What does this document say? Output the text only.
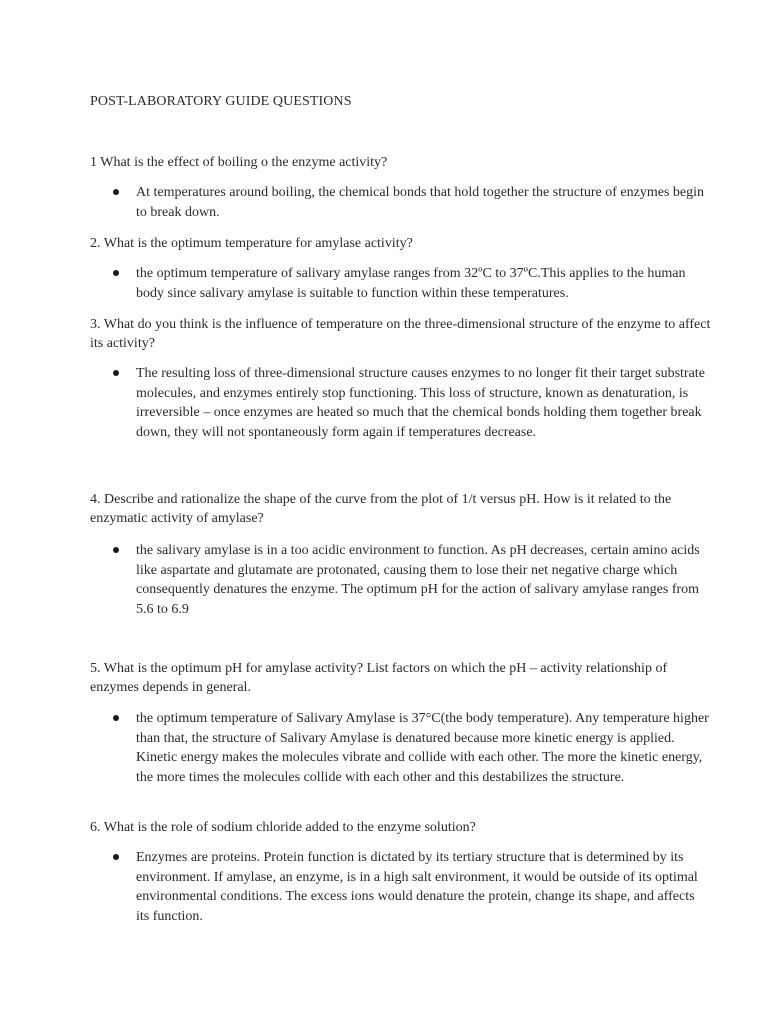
POST-LABORATORY GUIDE QUESTIONS
1 What is the effect of boiling o the enzyme activity?
At temperatures around boiling, the chemical bonds that hold together the structure of enzymes begin to break down.
2. What is the optimum temperature for amylase activity?
the optimum temperature of salivary amylase ranges from 32ºC to 37ºC.This applies to the human body since salivary amylase is suitable to function within these temperatures.
3. What do you think is the influence of temperature on the three-dimensional structure of the enzyme to affect its activity?
The resulting loss of three-dimensional structure causes enzymes to no longer fit their target substrate molecules, and enzymes entirely stop functioning. This loss of structure, known as denaturation, is irreversible – once enzymes are heated so much that the chemical bonds holding them together break down, they will not spontaneously form again if temperatures decrease.
4. Describe and rationalize the shape of the curve from the plot of 1/t versus pH. How is it related to the enzymatic activity of amylase?
the salivary amylase is in a too acidic environment to function. As pH decreases, certain amino acids like aspartate and glutamate are protonated, causing them to lose their net negative charge which consequently denatures the enzyme. The optimum pH for the action of salivary amylase ranges from 5.6 to 6.9
5. What is the optimum pH for amylase activity? List factors on which the pH – activity relationship of enzymes depends in general.
the optimum temperature of Salivary Amylase is 37°C(the body temperature). Any temperature higher than that, the structure of Salivary Amylase is denatured because more kinetic energy is applied. Kinetic energy makes the molecules vibrate and collide with each other. The more the kinetic energy, the more times the molecules collide with each other and this destabilizes the structure.
6. What is the role of sodium chloride added to the enzyme solution?
Enzymes are proteins. Protein function is dictated by its tertiary structure that is determined by its environment. If amylase, an enzyme, is in a high salt environment, it would be outside of its optimal environmental conditions. The excess ions would denature the protein, change its shape, and affects its function.
